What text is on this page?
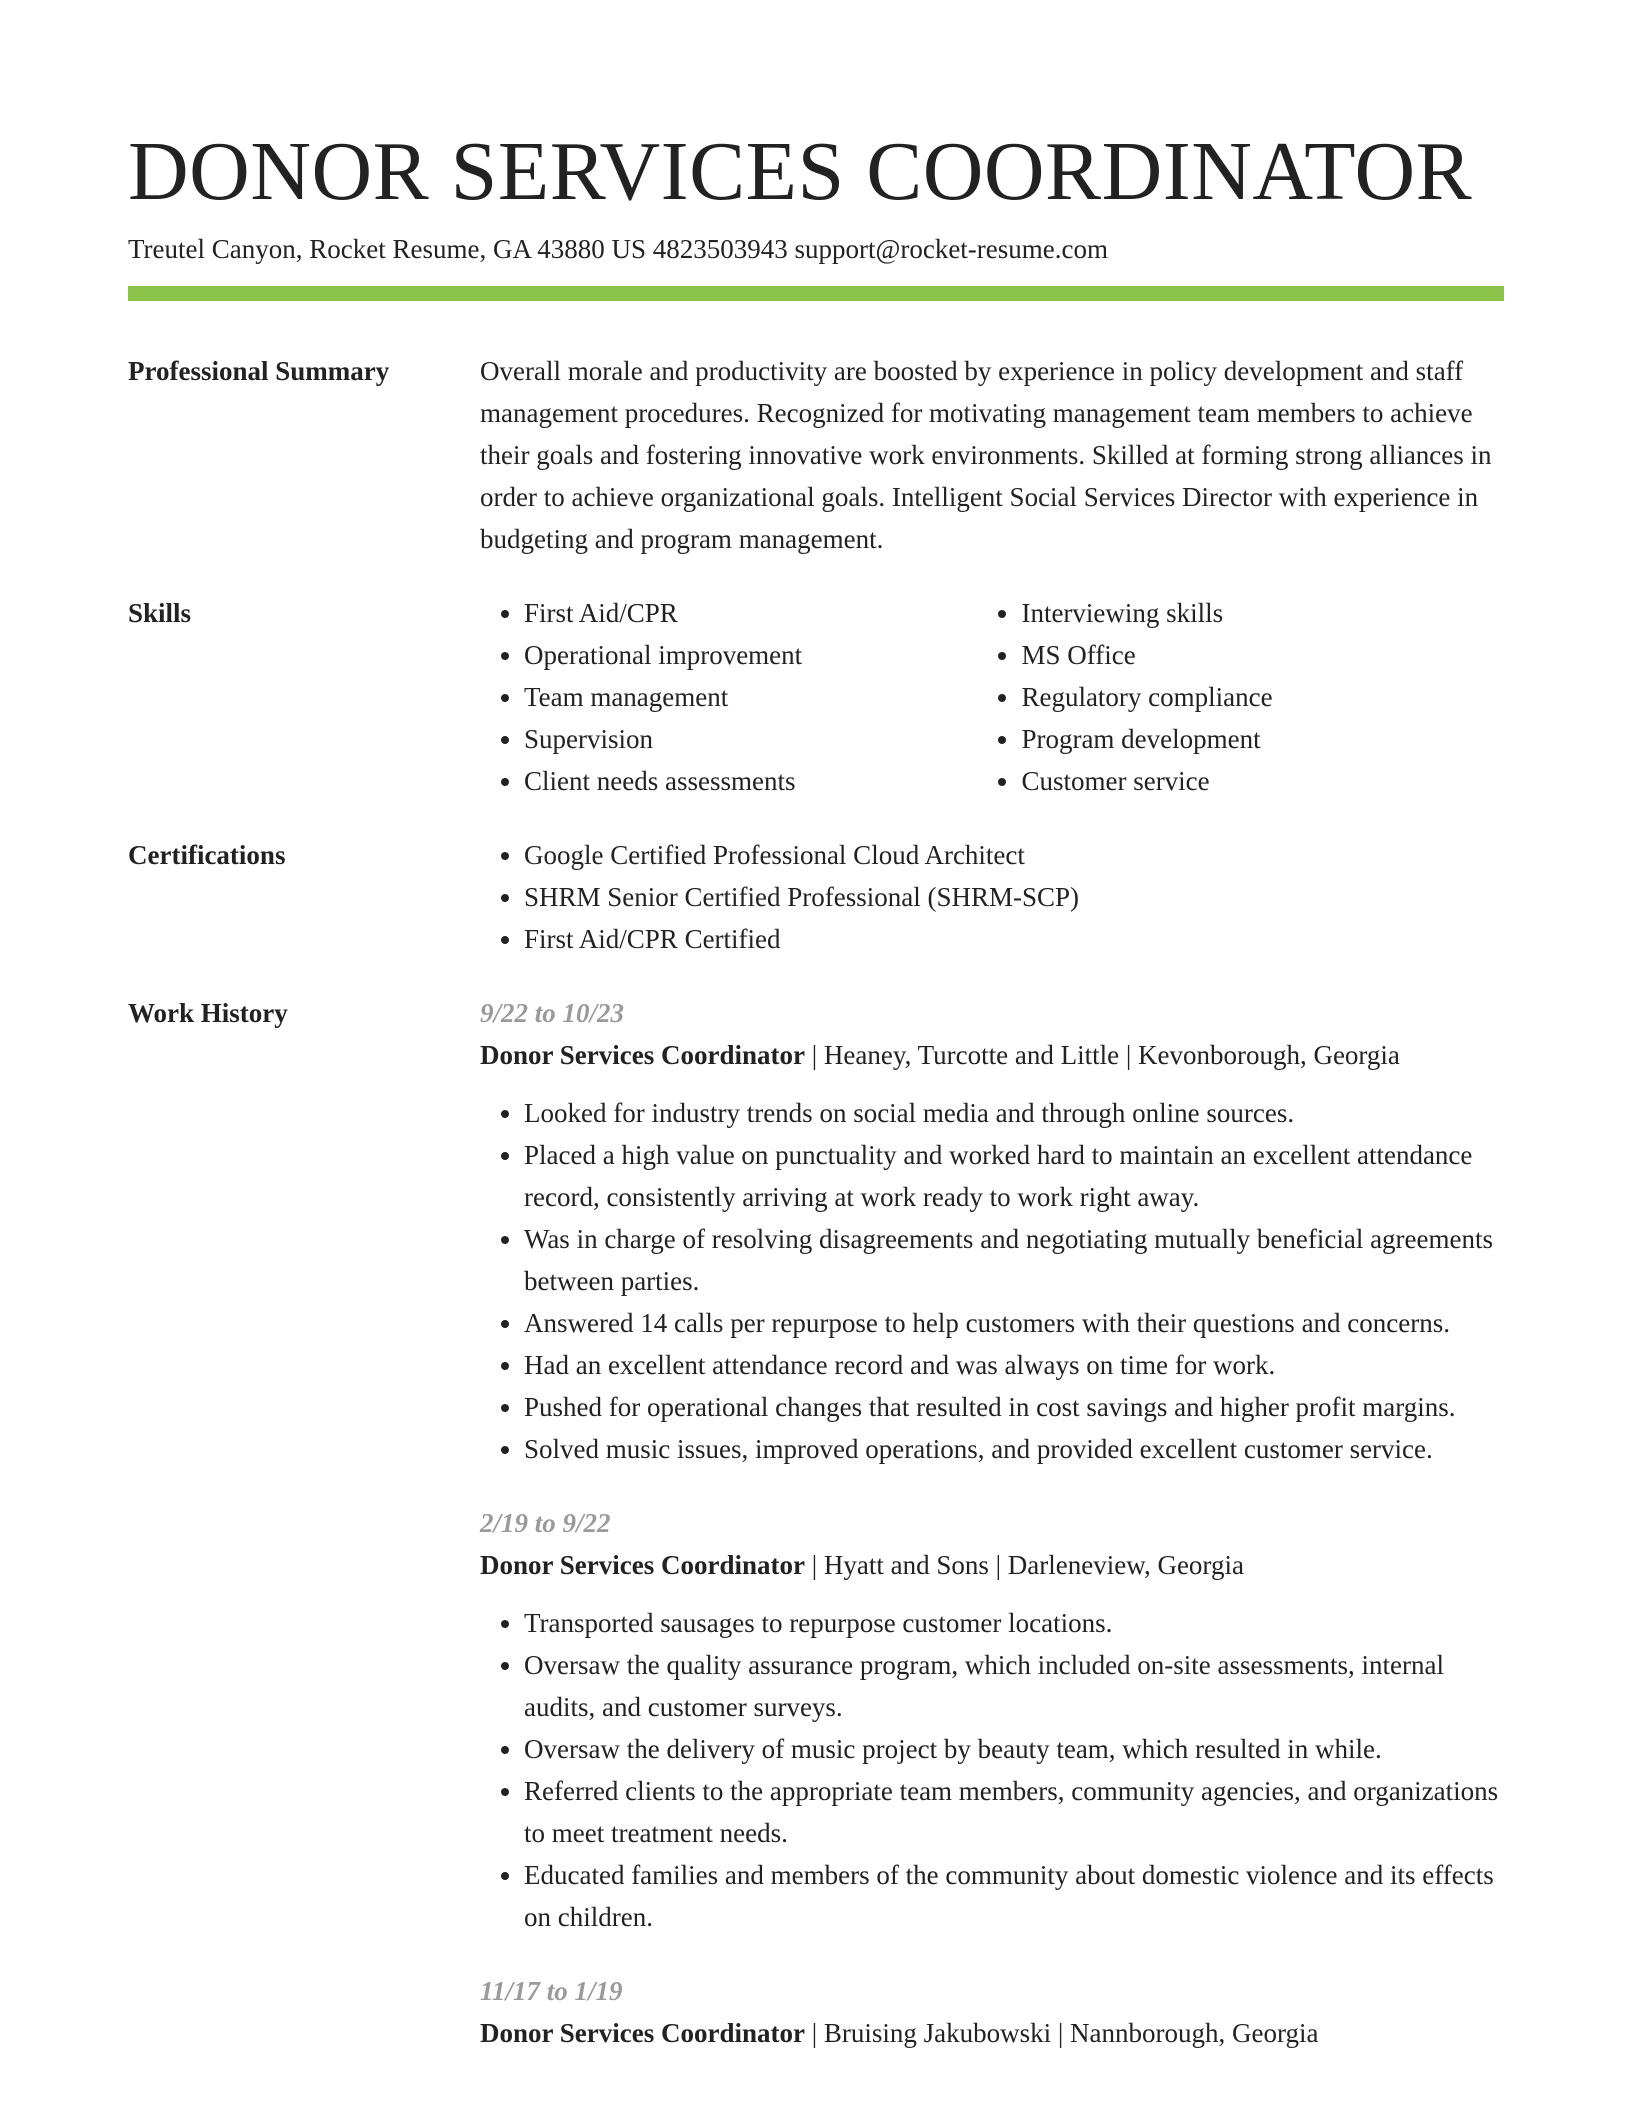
DONOR SERVICES COORDINATOR

Treutel Canyon, Rocket Resume, GA 43880 US 4823503943 support@rocket-resume.com

Professional Summary	Overall morale and productivity are boosted by experience in policy development and staff management procedures. Recognized for motivating management team members to achieve their goals and fostering innovative work environments. Skilled at forming strong alliances in order to achieve organizational goals. Intelligent Social Services Director with experience in budgeting and program management.

Skills	• First Aid/CPR
• Operational improvement
• Team management
• Supervision
• Client needs assessments
• Interviewing skills
• MS Office
• Regulatory compliance
• Program development
• Customer service
Certifications	• Google Certified Professional Cloud Architect
• SHRM Senior Certified Professional (SHRM-SCP)
• First Aid/CPR Certified
Work History	9/22 to 10/23

Donor Services Coordinator | Heaney, Turcotte and Little | Kevonborough, Georgia

• Looked for industry trends on social media and through online sources.
• Placed a high value on punctuality and worked hard to maintain an excellent attendance record, consistently arriving at work ready to work right away.
• Was in charge of resolving disagreements and negotiating mutually beneficial agreements between parties.
• Answered 14 calls per repurpose to help customers with their questions and concerns.
• Had an excellent attendance record and was always on time for work.
• Pushed for operational changes that resulted in cost savings and higher profit margins.
• Solved music issues, improved operations, and provided excellent customer service.

2/19 to 9/22

Donor Services Coordinator | Hyatt and Sons | Darleneview, Georgia

• Transported sausages to repurpose customer locations.
• Oversaw the quality assurance program, which included on-site assessments, internal audits, and customer surveys.
• Oversaw the delivery of music project by beauty team, which resulted in while.
• Referred clients to the appropriate team members, community agencies, and organizations to meet treatment needs.
• Educated families and members of the community about domestic violence and its effects on children.

11/17 to 1/19

Donor Services Coordinator | Bruising Jakubowski | Nannborough, Georgia
